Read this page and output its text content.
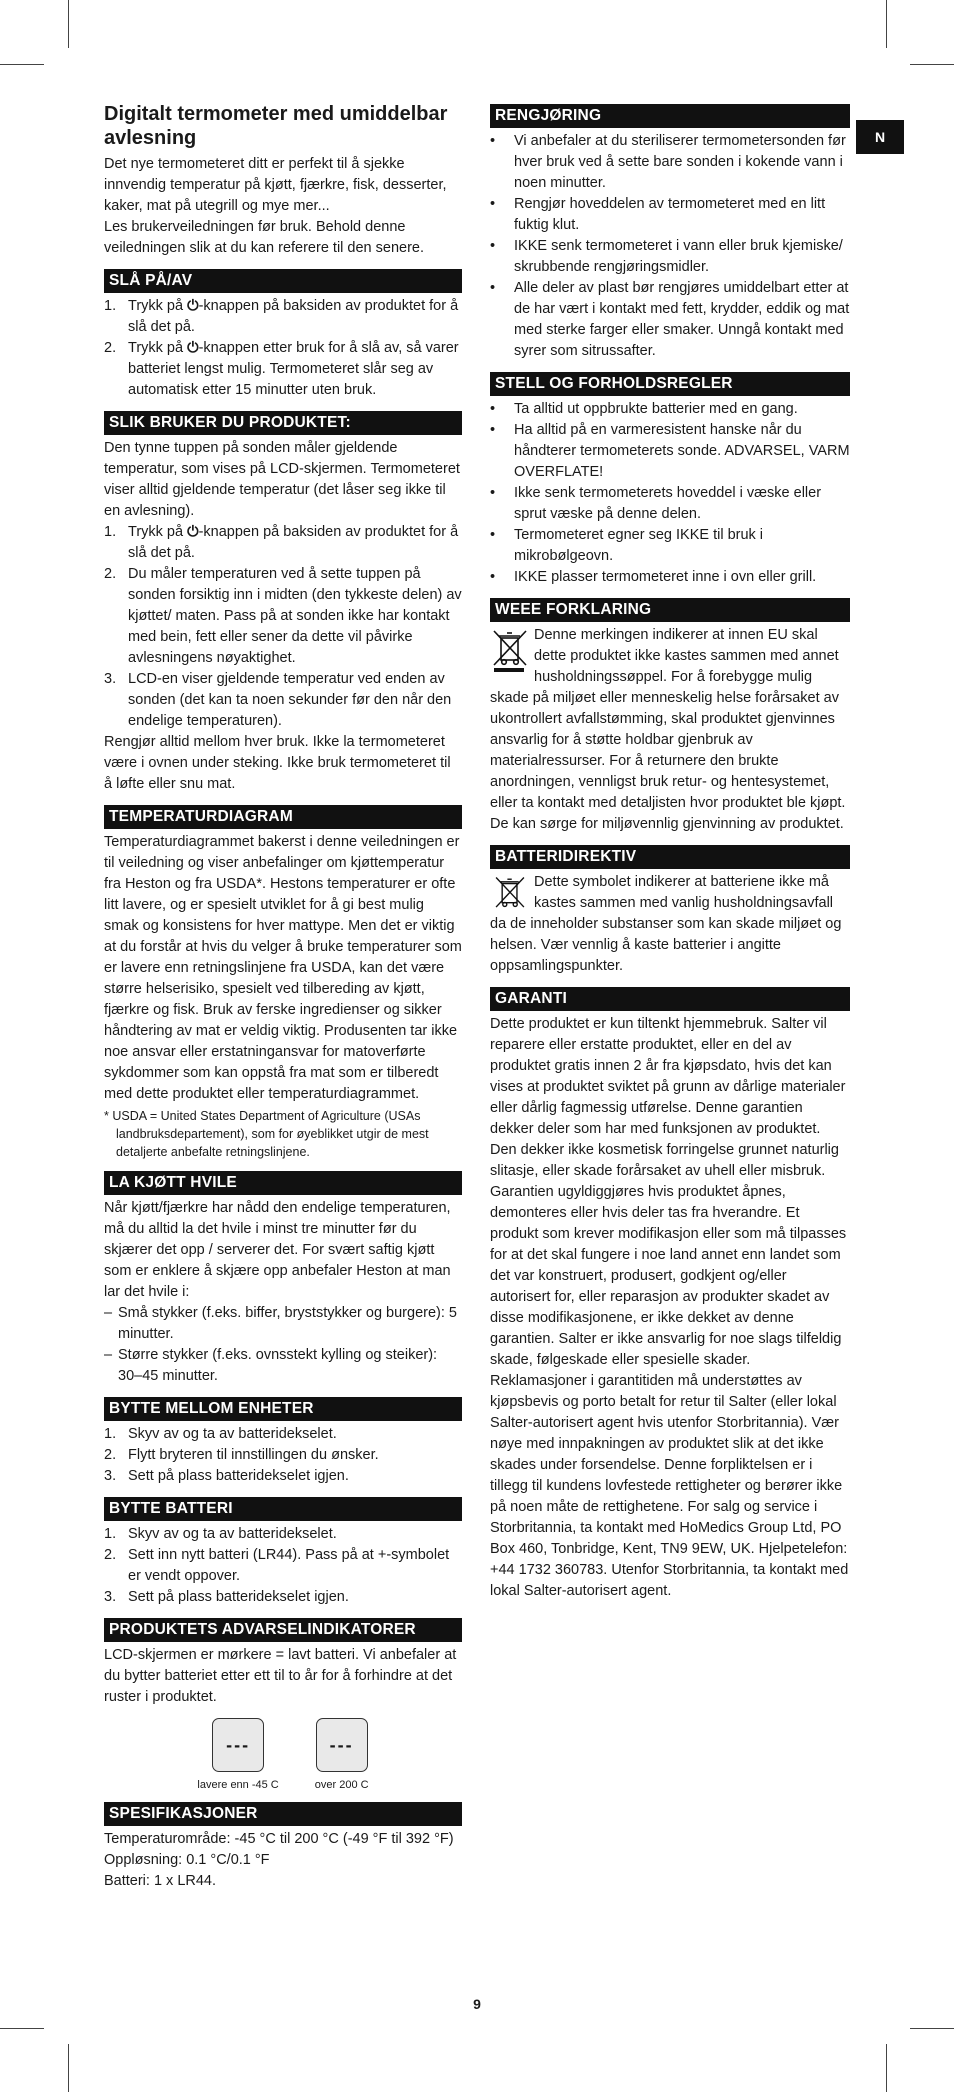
N
Digitalt termometer med umiddelbar avlesning

Det nye termometeret ditt er perfekt til å sjekke innvendig temperatur på kjøtt, fjærkre, fisk, desserter, kaker, mat på utegrill og mye mer...

Les brukerveiledningen før bruk. Behold denne veiledningen slik at du kan referere til den senere.

SLÅ PÅ/AV
1. Trykk på ⏻-knappen på baksiden av produktet for å slå det på.
2. Trykk på ⏻-knappen etter bruk for å slå av, så varer batteriet lengst mulig. Termometeret slår seg av automatisk etter 15 minutter uten bruk.
SLIK BRUKER DU PRODUKTET:

Den tynne tuppen på sonden måler gjeldende temperatur, som vises på LCD-skjermen. Termometeret viser alltid gjeldende temperatur (det låser seg ikke til en avlesning).

1. Trykk på ⏻-knappen på baksiden av produktet for å slå det på.
2. Du måler temperaturen ved å sette tuppen på sonden forsiktig inn i midten (den tykkeste delen) av kjøttet/ maten. Pass på at sonden ikke har kontakt med bein, fett eller sener da dette vil påvirke avlesningens nøyaktighet.
3. LCD-en viser gjeldende temperatur ved enden av sonden (det kan ta noen sekunder før den når den endelige temperaturen).

Rengjør alltid mellom hver bruk. Ikke la termometeret være i ovnen under steking. Ikke bruk termometeret til å løfte eller snu mat.

TEMPERATURDIAGRAM

Temperaturdiagrammet bakerst i denne veiledningen er til veiledning og viser anbefalinger om kjøttemperatur fra Heston og fra USDA*. Hestons temperaturer er ofte litt lavere, og er spesielt utviklet for å gi best mulig smak og konsistens for hver mattype. Men det er viktig at du forstår at hvis du velger å bruke temperaturer som er lavere enn retningslinjene fra USDA, kan det være større helserisiko, spesielt ved tilbereding av kjøtt, fjærkre og fisk. Bruk av ferske ingredienser og sikker håndtering av mat er veldig viktig. Produsenten tar ikke noe ansvar eller erstatningansvar for matoverførte sykdommer som kan oppstå fra mat som er tilberedt med dette produktet eller temperaturdiagrammet.

* USDA = United States Department of Agriculture (USAs landbruksdepartement), som for øyeblikket utgir de mest detaljerte anbefalte retningslinjene.
LA KJØTT HVILE

Når kjøtt/fjærkre har nådd den endelige temperaturen, må du alltid la det hvile i minst tre minutter før du skjærer det opp / serverer det. For svært saftig kjøtt som er enklere å skjære opp anbefaler Heston at man lar det hvile i:

– Små stykker (f.eks. biffer, bryststykker og burgere): 5 minutter.
– Større stykker (f.eks. ovnsstekt kylling og steiker): 30–45 minutter.
BYTTE MELLOM ENHETER
1. Skyv av og ta av batteridekselet.
2. Flytt bryteren til innstillingen du ønsker.
3. Sett på plass batteridekselet igjen.
BYTTE BATTERI
1. Skyv av og ta av batteridekselet.
2. Sett inn nytt batteri (LR44). Pass på at +-symbolet er vendt oppover.
3. Sett på plass batteridekselet igjen.
PRODUKTETS ADVARSELINDIKATORER

LCD-skjermen er mørkere = lavt batteri. Vi anbefaler at du bytter batteriet etter ett til to år for å forhindre at det ruster i produktet.

---
lavere enn -45 C
---
over 200 C
SPESIFIKASJONER

Temperaturområde: -45 °C til 200 °C (-49 °F til 392 °F)

Oppløsning: 0.1 °C/0.1 °F

Batteri: 1 x LR44.

RENGJØRING
• Vi anbefaler at du steriliserer termometersonden før hver bruk ved å sette bare sonden i kokende vann i noen minutter.
• Rengjør hoveddelen av termometeret med en litt fuktig klut.
• IKKE senk termometeret i vann eller bruk kjemiske/ skrubbende rengjøringsmidler.
• Alle deler av plast bør rengjøres umiddelbart etter at de har vært i kontakt med fett, krydder, eddik og mat med sterke farger eller smaker. Unngå kontakt med syrer som sitrussafter.
STELL OG FORHOLDSREGLER
• Ta alltid ut oppbrukte batterier med en gang.
• Ha alltid på en varmeresistent hanske når du håndterer termometerets sonde. ADVARSEL, VARM OVERFLATE!
• Ikke senk termometerets hoveddel i væske eller sprut væske på denne delen.
• Termometeret egner seg IKKE til bruk i mikrobølgeovn.
• IKKE plasser termometeret inne i ovn eller grill.
WEEE FORKLARING

Denne merkingen indikerer at innen EU skal dette produktet ikke kastes sammen med annet husholdningssøppel. For å forebygge mulig skade på miljøet eller menneskelig helse forårsaket av ukontrollert avfallstømming, skal produktet gjenvinnes ansvarlig for å støtte holdbar gjenbruk av materialressurser. For å returnere den brukte anordningen, vennligst bruk retur- og hentesystemet, eller ta kontakt med detaljisten hvor produktet ble kjøpt. De kan sørge for miljøvennlig gjenvinning av produktet.

BATTERIDIREKTIV

Dette symbolet indikerer at batteriene ikke må kastes sammen med vanlig husholdningsavfall da de inneholder substanser som kan skade miljøet og helsen. Vær vennlig å kaste batterier i angitte oppsamlingspunkter.

GARANTI

Dette produktet er kun tiltenkt hjemmebruk. Salter vil reparere eller erstatte produktet, eller en del av produktet gratis innen 2 år fra kjøpsdato, hvis det kan vises at produktet sviktet på grunn av dårlige materialer eller dårlig fagmessig utførelse. Denne garantien dekker deler som har med funksjonen av produktet. Den dekker ikke kosmetisk forringelse grunnet naturlig slitasje, eller skade forårsaket av uhell eller misbruk. Garantien ugyldiggjøres hvis produktet åpnes, demonteres eller hvis deler tas fra hverandre. Et produkt som krever modifikasjon eller som må tilpasses for at det skal fungere i noe land annet enn landet som det var konstruert, produsert, godkjent og/eller autorisert for, eller reparasjon av produkter skadet av disse modifikasjonene, er ikke dekket av denne garantien. Salter er ikke ansvarlig for noe slags tilfeldig skade, følgeskade eller spesielle skader. Reklamasjoner i garantitiden må understøttes av kjøpsbevis og porto betalt for retur til Salter (eller lokal Salter-autorisert agent hvis utenfor Storbritannia). Vær nøye med innpakningen av produktet slik at det ikke skades under forsendelse. Denne forpliktelsen er i tillegg til kundens lovfestede rettigheter og berører ikke på noen måte de rettighetene. For salg og service i Storbritannia, ta kontakt med HoMedics Group Ltd, PO Box 460, Tonbridge, Kent, TN9 9EW, UK. Hjelpetelefon: +44 1732 360783. Utenfor Storbritannia, ta kontakt med lokal Salter-autorisert agent.

9
